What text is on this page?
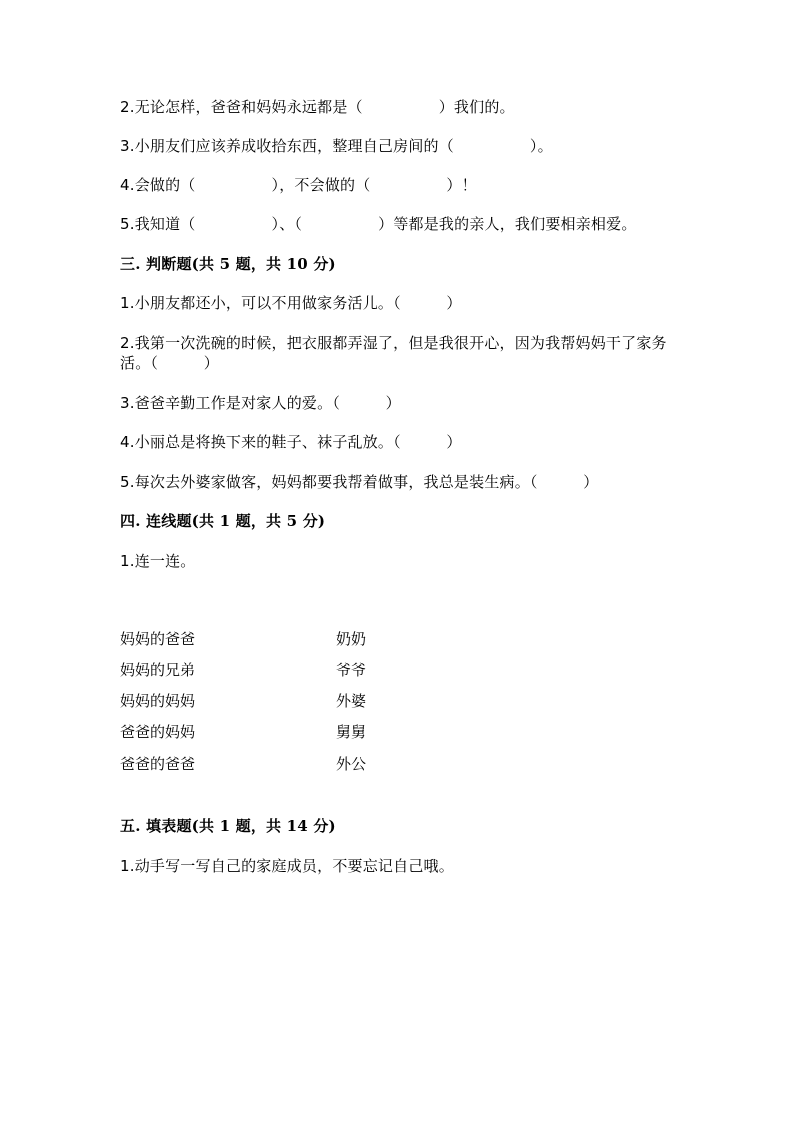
2.无论怎样，爸爸和妈妈永远都是（　　　　　）我们的。
3.小朋友们应该养成收拾东西，整理自己房间的（　　　　　）。
4.会做的（　　　　　），不会做的（　　　　　）！
5.我知道（　　　　　）、（　　　　　）等都是我的亲人，我们要相亲相爱。
三. 判断题(共 5 题，共 10 分)
1.小朋友都还小，可以不用做家务活儿。（　　　）
2.我第一次洗碗的时候，把衣服都弄湿了，但是我很开心，因为我帮妈妈干了家务活。（　　　）
3.爸爸辛勤工作是对家人的爱。（　　　）
4.小丽总是将换下来的鞋子、袜子乱放。（　　　）
5.每次去外婆家做客，妈妈都要我帮着做事，我总是装生病。（　　　）
四. 连线题(共 1 题，共 5 分)
1.连一连。
妈妈的爸爸
妈妈的兄弟
妈妈的妈妈
爸爸的妈妈
爸爸的爸爸
奶奶
爷爷
外婆
舅舅
外公
五. 填表题(共 1 题，共 14 分)
1.动手写一写自己的家庭成员，不要忘记自己哦。
